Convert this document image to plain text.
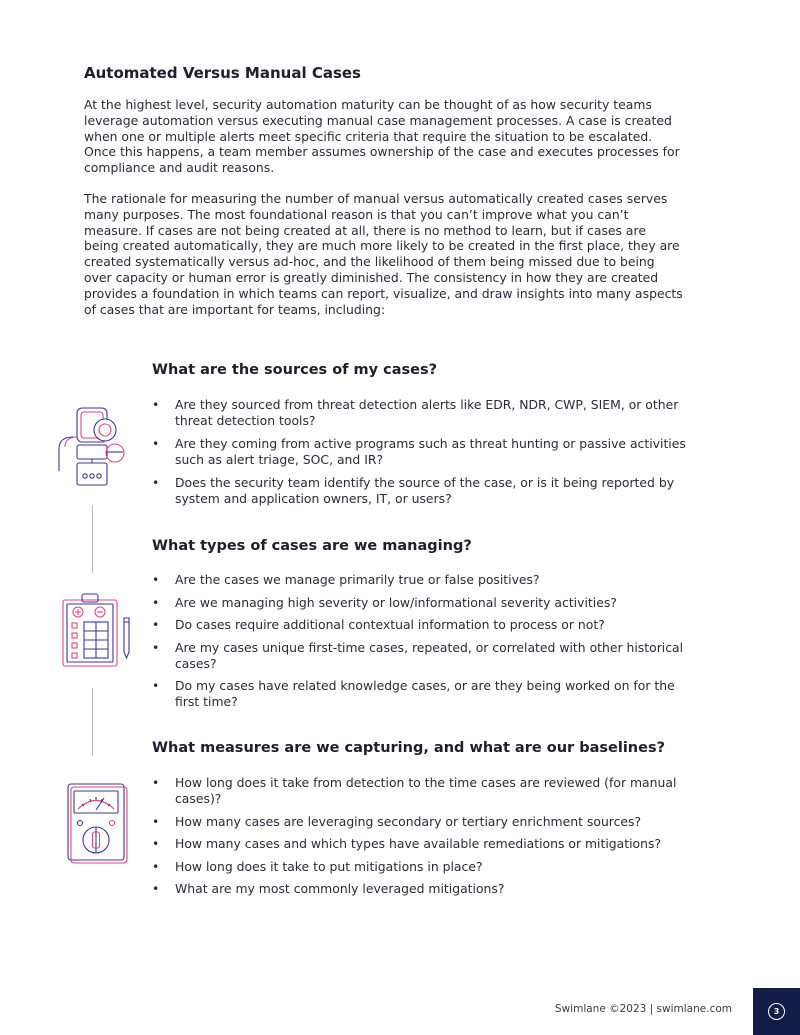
Automated Versus Manual Cases

At the highest level, security automation maturity can be thought of as how security teams leverage automation versus executing manual case management processes. A case is created when one or multiple alerts meet specific criteria that require the situation to be escalated. Once this happens, a team member assumes ownership of the case and executes processes for compliance and audit reasons.

The rationale for measuring the number of manual versus automatically created cases serves many purposes. The most foundational reason is that you can’t improve what you can’t measure. If cases are not being created at all, there is no method to learn, but if cases are being created automatically, they are much more likely to be created in the first place, they are created systematically versus ad-hoc, and the likelihood of them being missed due to being over capacity or human error is greatly diminished. The consistency in how they are created provides a foundation in which teams can report, visualize, and draw insights into many aspects of cases that are important for teams, including:

What are the sources of my cases?
• Are they sourced from threat detection alerts like EDR, NDR, CWP, SIEM, or other threat detection tools?
• Are they coming from active programs such as threat hunting or passive activities such as alert triage, SOC, and IR?
• Does the security team identify the source of the case, or is it being reported by system and application owners, IT, or users?
What types of cases are we managing?
• Are the cases we manage primarily true or false positives?
• Are we managing high severity or low/informational severity activities?
• Do cases require additional contextual information to process or not?
• Are my cases unique first-time cases, repeated, or correlated with other historical cases?
• Do my cases have related knowledge cases, or are they being worked on for the first time?
What measures are we capturing, and what are our baselines?
• How long does it take from detection to the time cases are reviewed (for manual cases)?
• How many cases are leveraging secondary or tertiary enrichment sources?
• How many cases and which types have available remediations or mitigations?
• How long does it take to put mitigations in place?
• What are my most commonly leveraged mitigations?
Swimlane ©2023 | swimlane.com	3
